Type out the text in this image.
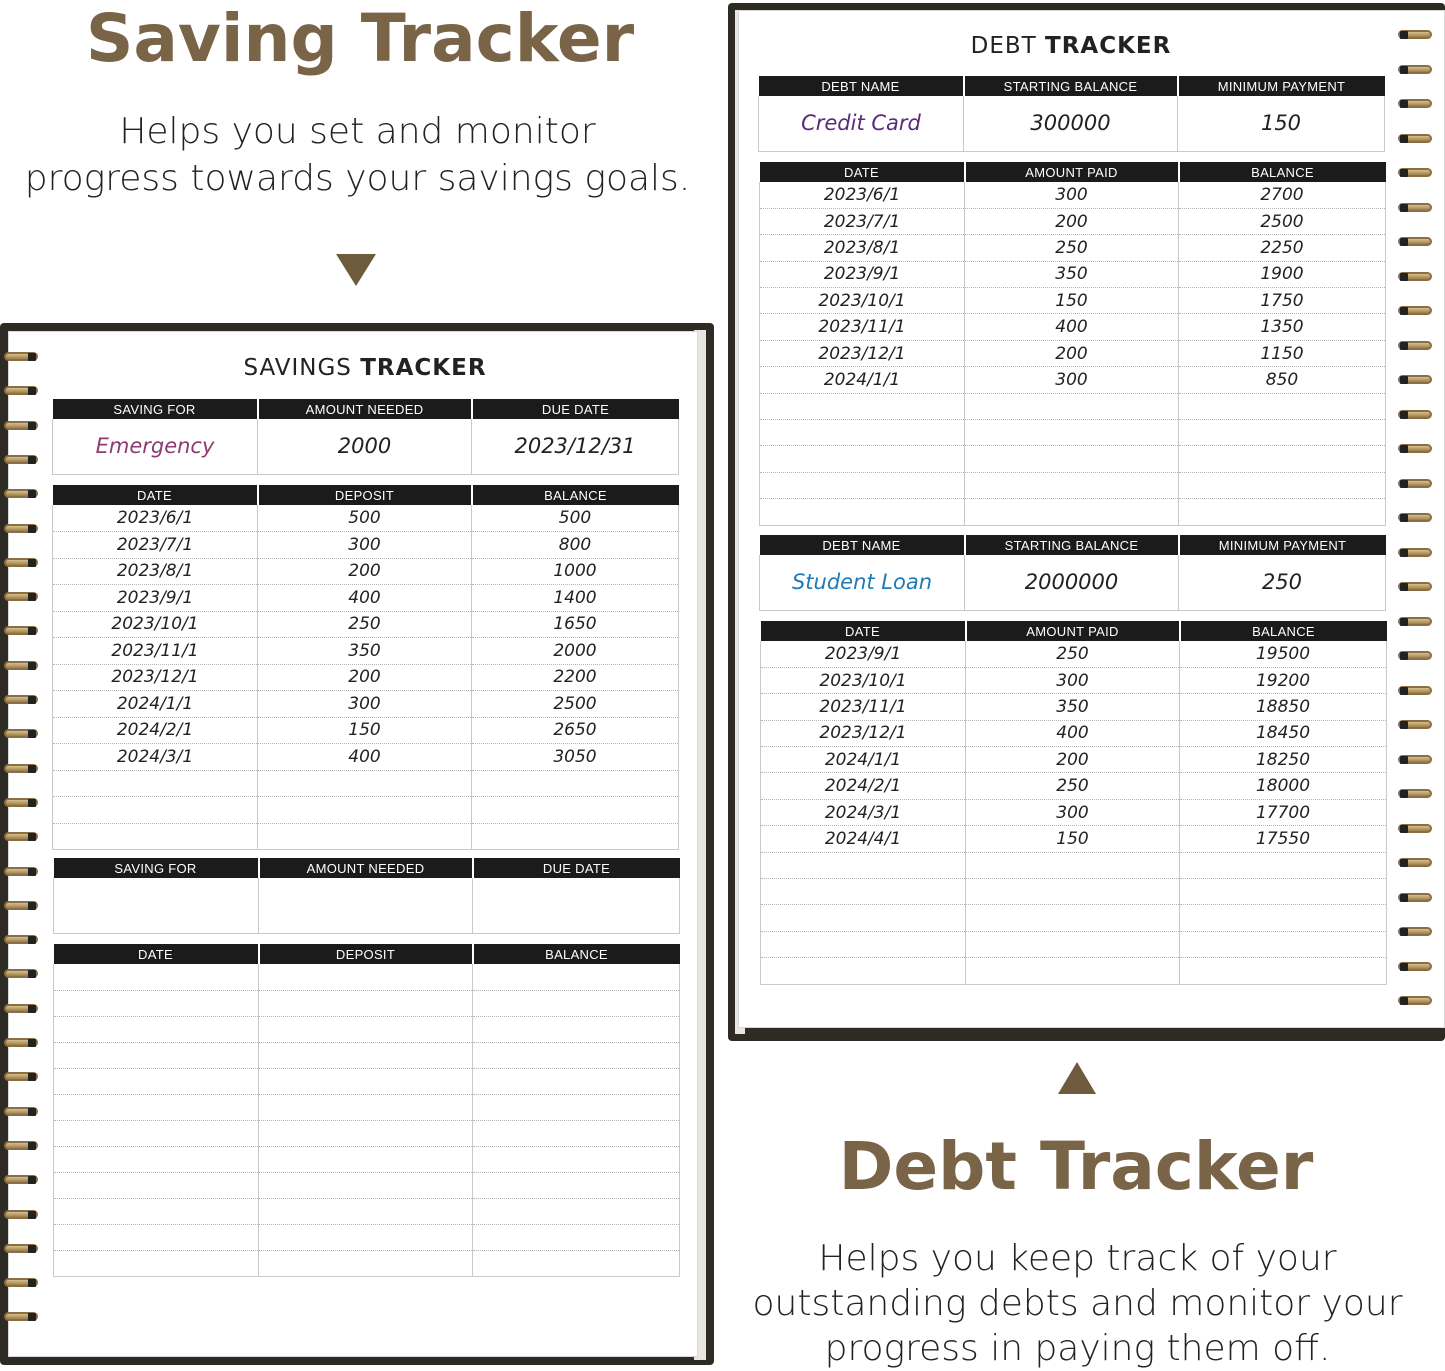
Saving Tracker
Helps you set and monitor
progress towards your savings goals.
SAVINGS TRACKER
SAVING FOR	AMOUNT NEEDED	DUE DATE
Emergency	2000	2023/12/31
DATE	DEPOSIT	BALANCE
2023/6/1	500	500
2023/7/1	300	800
2023/8/1	200	1000
2023/9/1	400	1400
2023/10/1	250	1650
2023/11/1	350	2000
2023/12/1	200	2200
2024/1/1	300	2500
2024/2/1	150	2650
2024/3/1	400	3050

SAVING FOR	AMOUNT NEEDED	DUE DATE

DATE	DEPOSIT	BALANCE

DEBT TRACKER
DEBT NAME	STARTING BALANCE	MINIMUM PAYMENT
Credit Card	300000	150
DATE	AMOUNT PAID	BALANCE
2023/6/1	300	2700
2023/7/1	200	2500
2023/8/1	250	2250
2023/9/1	350	1900
2023/10/1	150	1750
2023/11/1	400	1350
2023/12/1	200	1150
2024/1/1	300	850

DEBT NAME	STARTING BALANCE	MINIMUM PAYMENT
Student Loan	2000000	250
DATE	AMOUNT PAID	BALANCE
2023/9/1	250	19500
2023/10/1	300	19200
2023/11/1	350	18850
2023/12/1	400	18450
2024/1/1	200	18250
2024/2/1	250	18000
2024/3/1	300	17700
2024/4/1	150	17550

Debt Tracker
Helps you keep track of your
outstanding debts and monitor your
progress in paying them off.
